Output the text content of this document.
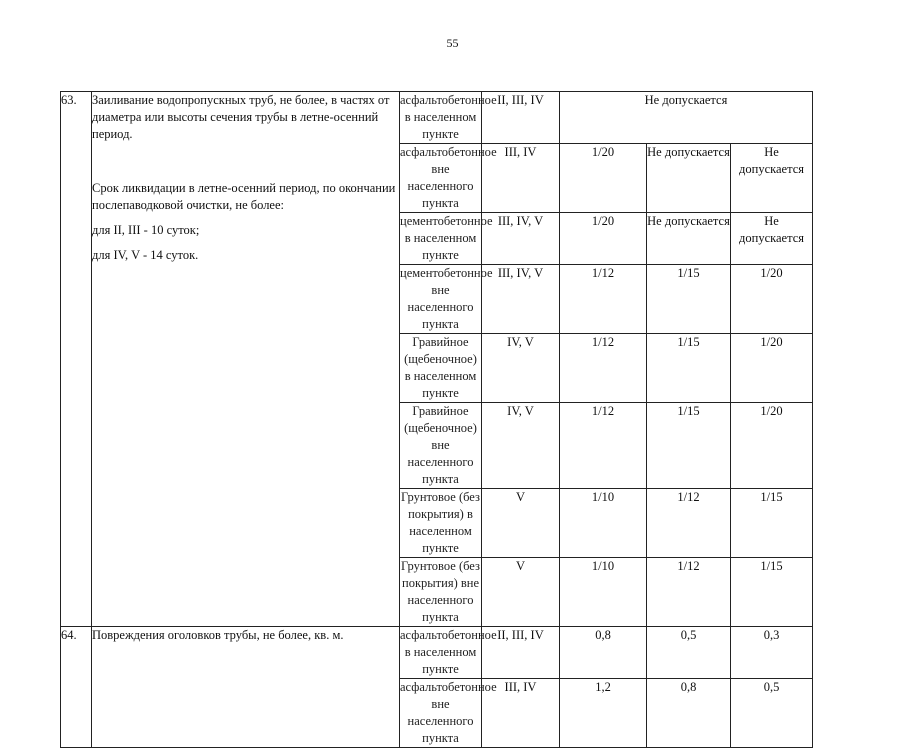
55
63.	Заиливание водопропускных труб, не более, в частях от диаметра или высоты сечения трубы в летне-осенний период.

Срок ликвидации в летне-осенний период, по окончании послепаводковой очистки, не более:

для II, III - 10 суток;

для IV, V - 14 суток.	асфальтобетонное в населенном пункте	II, III, IV	Не допускается		
		асфальтобетонное вне населенного пункта	III, IV	1/20	Не допускается	Не допускается
		цементобетонное в населенном пункте	III, IV, V	1/20	Не допускается	Не допускается
		цементобетонное вне населенного пункта	III, IV, V	1/12	1/15	1/20
		Гравийное (щебеночное) в населенном пункте	IV, V	1/12	1/15	1/20
		Гравийное (щебеночное) вне населенного пункта	IV, V	1/12	1/15	1/20
		Грунтовое (без покрытия) в населенном пункте	V	1/10	1/12	1/15
		Грунтовое (без покрытия) вне населенного пункта	V	1/10	1/12	1/15
64.	Повреждения оголовков трубы, не более, кв. м.	асфальтобетонное в населенном пункте	II, III, IV	0,8	0,5	0,3
		асфальтобетонное вне населенного пункта	III, IV	1,2	0,8	0,5
